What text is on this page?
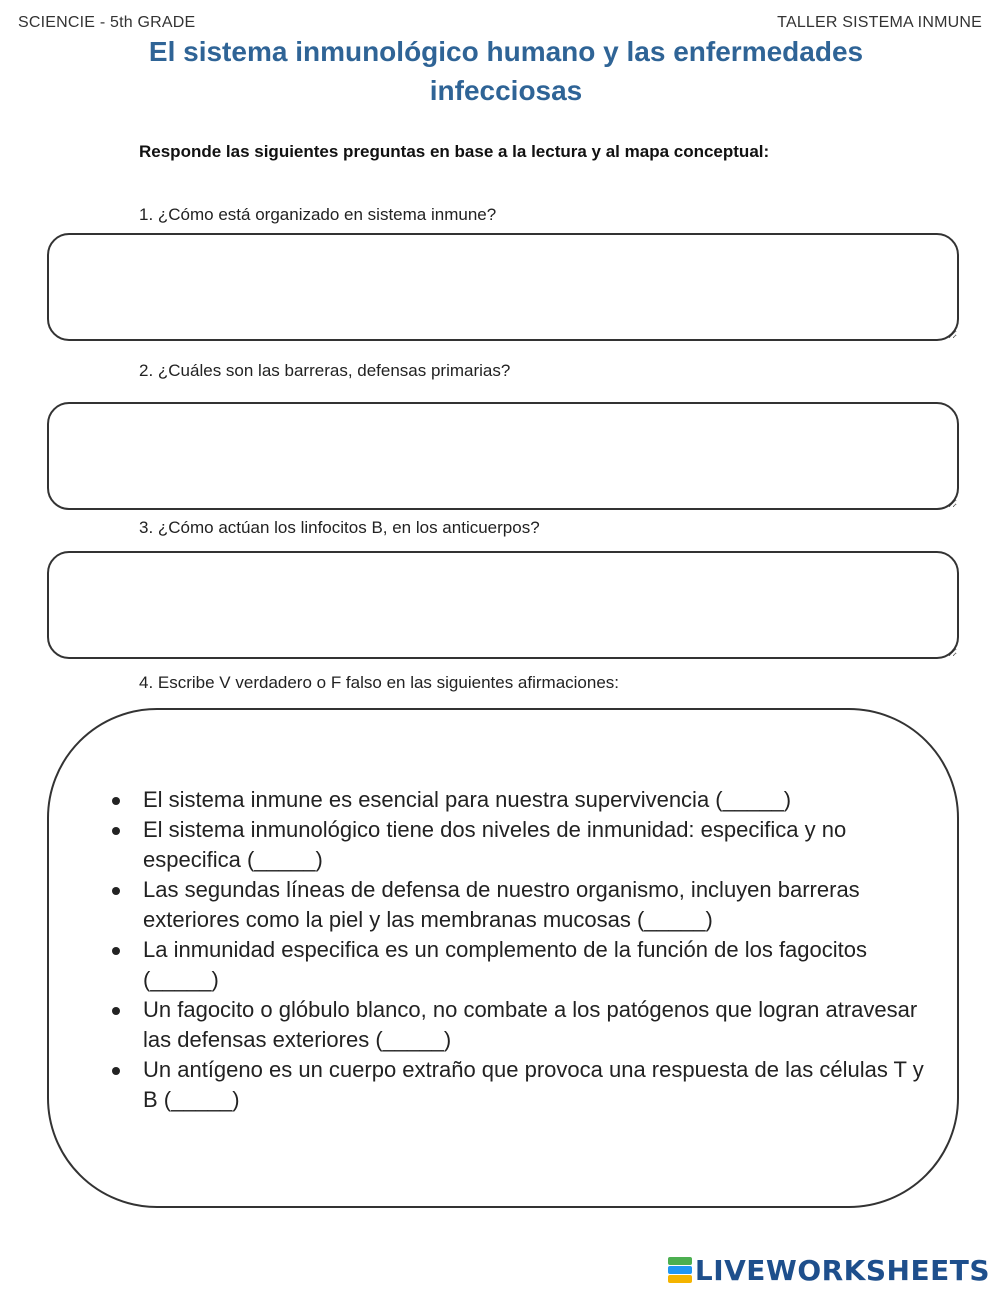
SCIENCIE - 5th GRADE	TALLER SISTEMA INMUNE
El sistema inmunológico humano y las enfermedades
infecciosas
Responde las siguientes preguntas en base a la lectura y al mapa conceptual:
1. ¿Cómo está organizado en sistema inmune?
2. ¿Cuáles son las barreras, defensas primarias?
3. ¿Cómo actúan los linfocitos B, en los anticuerpos?
4. Escribe V verdadero o F falso en las siguientes afirmaciones:
El sistema inmune es esencial para nuestra supervivencia (_____)
El sistema inmunológico tiene dos niveles de inmunidad: especifica y no especifica (_____)
Las segundas líneas de defensa de nuestro organismo, incluyen barreras exteriores como la piel y las membranas mucosas (_____)
La inmunidad especifica es un complemento de la función de los fagocitos (_____)
Un fagocito o glóbulo blanco, no combate a los patógenos que logran atravesar las defensas exteriores (_____)
Un antígeno es un cuerpo extraño que provoca una respuesta de las células T y B (_____)
LIVEWORKSHEETS
